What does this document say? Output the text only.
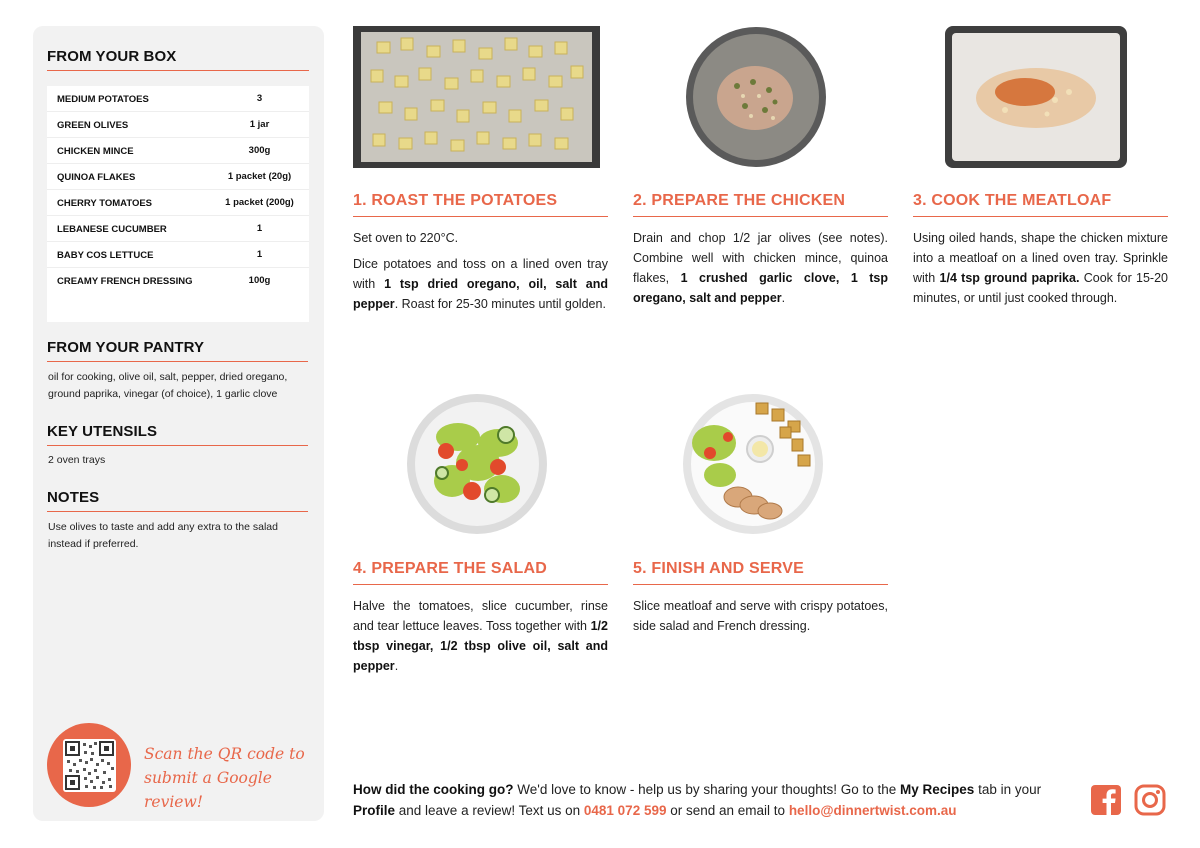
FROM YOUR BOX
MEDIUM POTATOES	3
GREEN OLIVES	1 jar
CHICKEN MINCE	300g
QUINOA FLAKES	1 packet (20g)
CHERRY TOMATOES	1 packet (200g)
LEBANESE CUCUMBER	1
BABY COS LETTUCE	1
CREAMY FRENCH DRESSING	100g
FROM YOUR PANTRY
oil for cooking, olive oil, salt, pepper, dried oregano, ground paprika, vinegar (of choice), 1 garlic clove
KEY UTENSILS
2 oven trays
NOTES
Use olives to taste and add any extra to the salad instead if preferred.
Scan the QR code to submit a Google review!
1. ROAST THE POTATOES

Set oven to 220°C.

Dice potatoes and toss on a lined oven tray with 1 tsp dried oregano, oil, salt and pepper. Roast for 25-30 minutes until golden.

2. PREPARE THE CHICKEN

Drain and chop 1/2 jar olives (see notes). Combine well with chicken mince, quinoa flakes, 1 crushed garlic clove, 1 tsp oregano, salt and pepper.

3. COOK THE MEATLOAF

Using oiled hands, shape the chicken mixture into a meatloaf on a lined oven tray. Sprinkle with 1/4 tsp ground paprika. Cook for 15-20 minutes, or until just cooked through.

4. PREPARE THE SALAD

Halve the tomatoes, slice cucumber, rinse and tear lettuce leaves. Toss together with 1/2 tbsp vinegar, 1/2 tbsp olive oil, salt and pepper.

5. FINISH AND SERVE

Slice meatloaf and serve with crispy potatoes, side salad and French dressing.

How did the cooking go? We'd love to know - help us by sharing your thoughts! Go to the My Recipes tab in your Profile and leave a review! Text us on 0481 072 599 or send an email to hello@dinnertwist.com.au
